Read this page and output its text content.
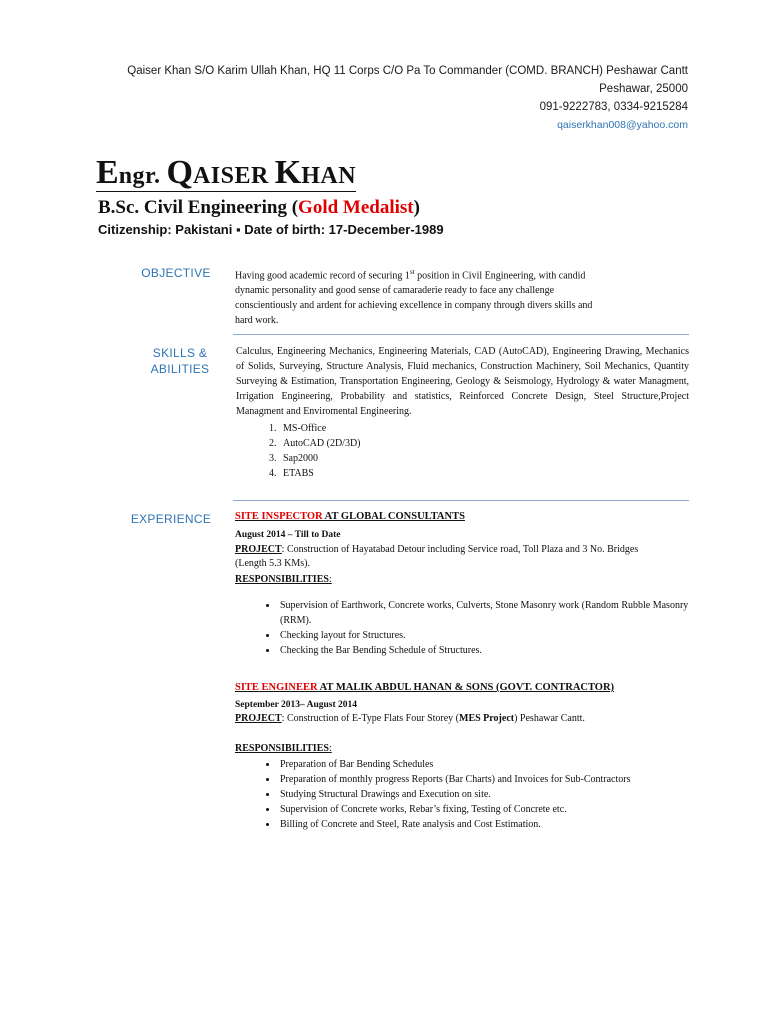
Qaiser Khan S/O Karim Ullah Khan, HQ 11 Corps C/O Pa To Commander (COMD. BRANCH) Peshawar Cantt
Peshawar, 25000
091-9222783, 0334-9215284
qaiserkhan008@yahoo.com
Engr. QAISER KHAN
B.Sc. Civil Engineering (Gold Medalist)
Citizenship: Pakistani ▪ Date of birth: 17-December-1989
OBJECTIVE	Having good academic record of securing 1st position in Civil Engineering, with candid dynamic personality and good sense of camaraderie ready to face any challenge conscientiously and ardent for achieving excellence in company through divers skills and hard work.
SKILLS &
ABILITIES
Calculus, Engineering Mechanics, Engineering Materials, CAD (AutoCAD), Engineering Drawing, Mechanics of Solids, Surveying, Structure Analysis, Fluid mechanics, Construction Machinery, Soil Mechanics, Quantity Surveying & Estimation, Transportation Engineering, Geology & Seismology, Hydrology & water Managment, Irrigation Engineering, Probability and statistics, Reinforced Concrete Design, Steel Structure,Project Managment and Enviromental Engineering.
1. MS-Office
2. AutoCAD (2D/3D)
3. Sap2000
4. ETABS
EXPERIENCE	SITE INSPECTOR AT GLOBAL CONSULTANTS
August 2014 – Till to Date
PROJECT: Construction of Hayatabad Detour including Service road, Toll Plaza and 3 No. Bridges (Length 5.3 KMs).
RESPONSIBILITIES:
• Supervision of Earthwork, Concrete works, Culverts, Stone Masonry work (Random Rubble Masonry (RRM).
• Checking layout for Structures.
• Checking the Bar Bending Schedule of Structures.
SITE ENGINEER AT MALIK ABDUL HANAN & SONS (GOVT. CONTRACTOR)
September 2013– August 2014
PROJECT: Construction of E-Type Flats Four Storey (MES Project) Peshawar Cantt.
RESPONSIBILITIES:
• Preparation of Bar Bending Schedules
• Preparation of monthly progress Reports (Bar Charts) and Invoices for Sub-Contractors
• Studying Structural Drawings and Execution on site.
• Supervision of Concrete works, Rebar’s fixing, Testing of Concrete etc.
• Billing of Concrete and Steel, Rate analysis and Cost Estimation.
